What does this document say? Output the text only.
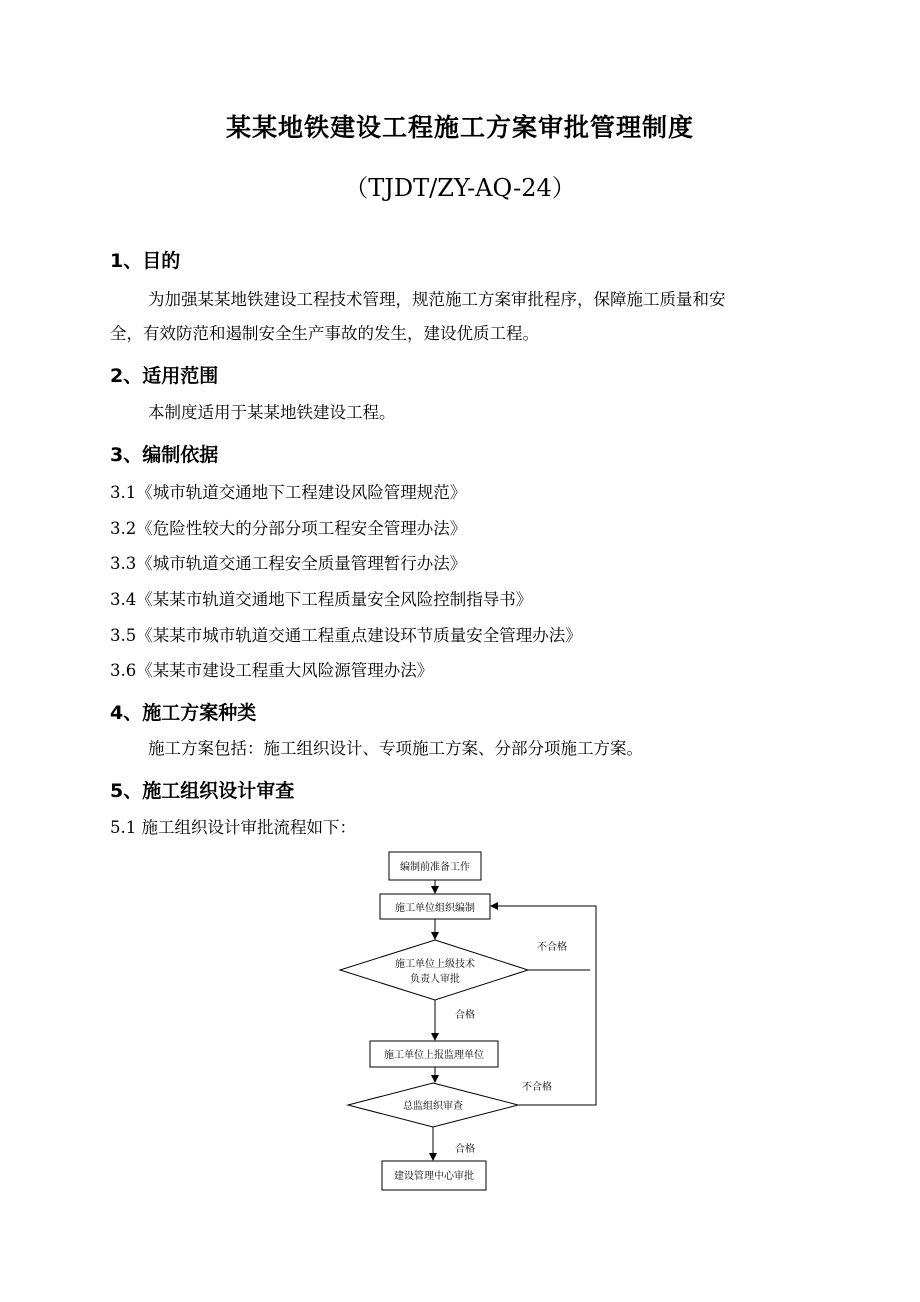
某某地铁建设工程施工方案审批管理制度
（TJDT/ZY-AQ-24）
1、目的
为加强某某地铁建设工程技术管理，规范施工方案审批程序，保障施工质量和安
全，有效防范和遏制安全生产事故的发生，建设优质工程。
2、适用范围
本制度适用于某某地铁建设工程。
3、编制依据
3.1《城市轨道交通地下工程建设风险管理规范》
3.2《危险性较大的分部分项工程安全管理办法》
3.3《城市轨道交通工程安全质量管理暂行办法》
3.4《某某市轨道交通地下工程质量安全风险控制指导书》
3.5《某某市城市轨道交通工程重点建设环节质量安全管理办法》
3.6《某某市建设工程重大风险源管理办法》
4、施工方案种类
施工方案包括：施工组织设计、专项施工方案、分部分项施工方案。
5、施工组织设计审查
5.1 施工组织设计审批流程如下：
编制前准备工作
施工单位组织编制
施工单位上级技术
负责人审批
施工单位上报监理单位
总监组织审查
建设管理中心审批
合格
合格
不合格
不合格
